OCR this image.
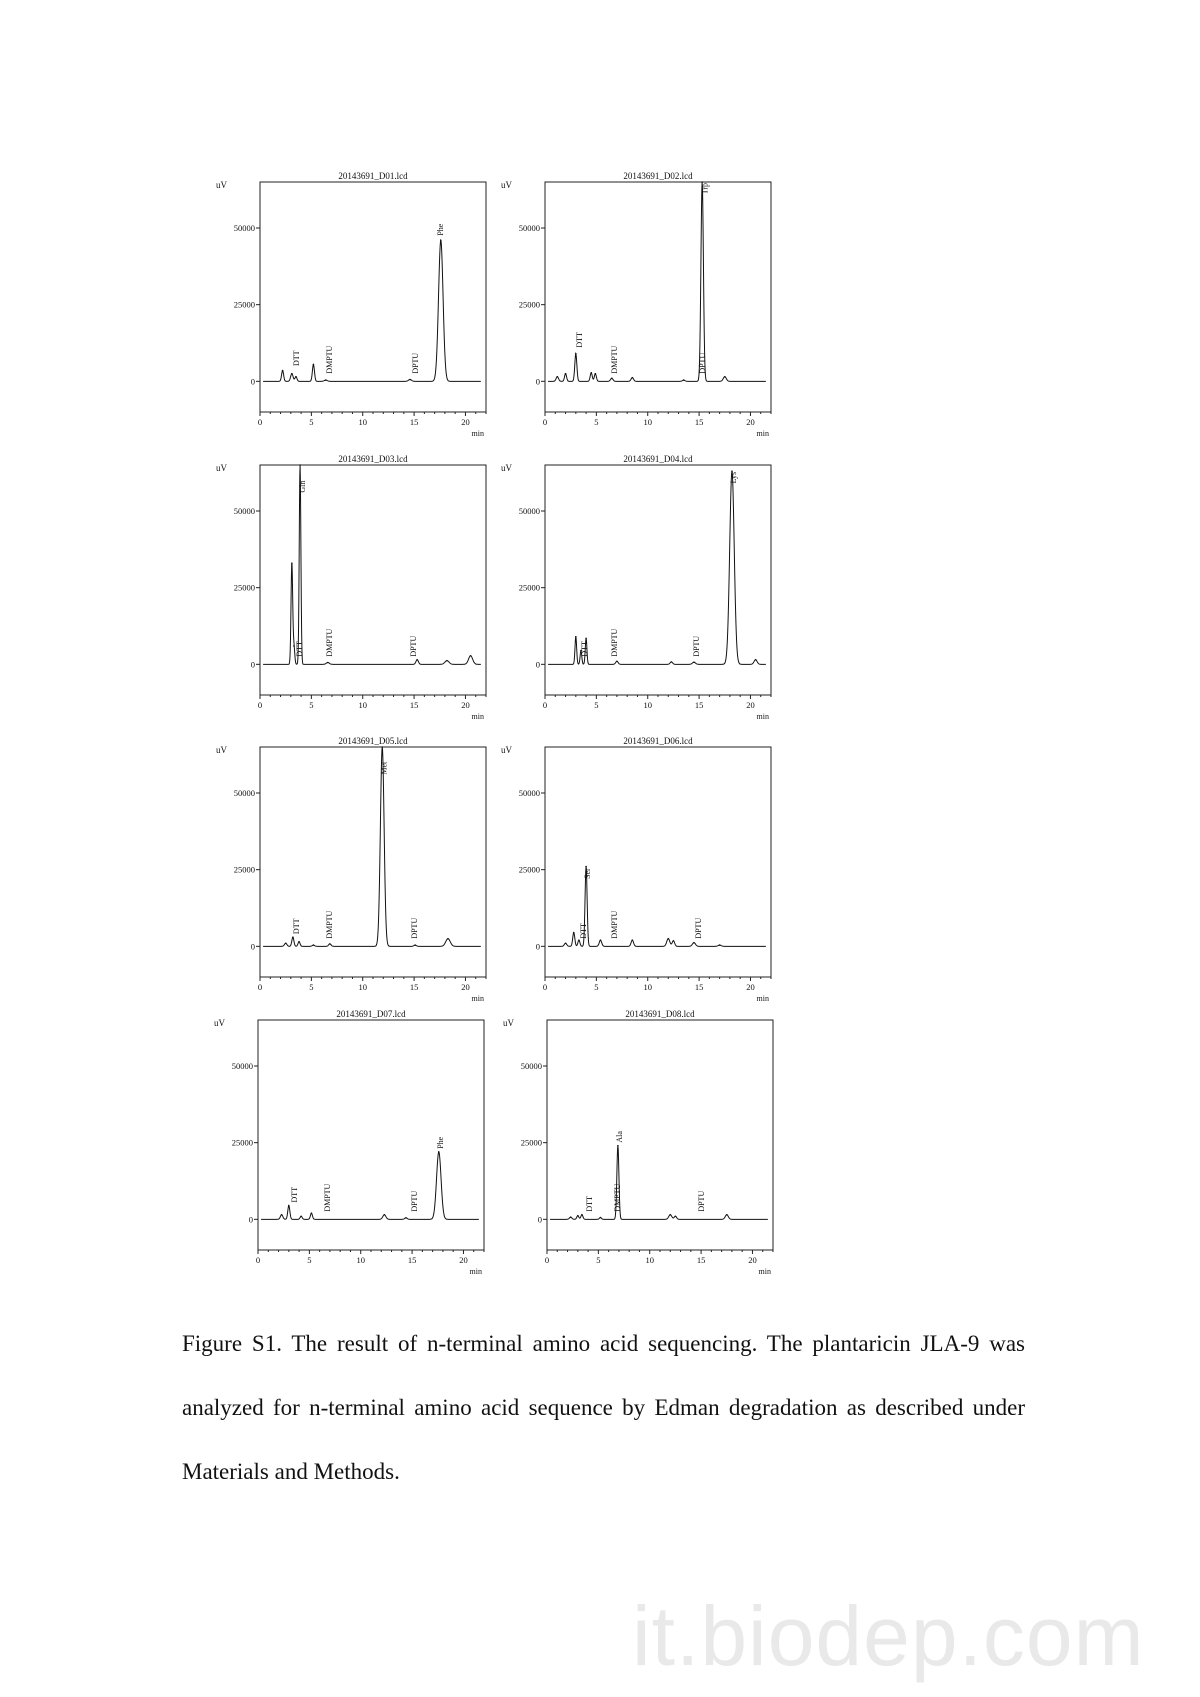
20143691_D01.lcd
uV
min
0
25000
50000
0	5	10	15	20
DTT	DMPTU	DPTU
Phe
20143691_D02.lcd
uV
min
0
25000
50000
0	5	10	15	20
DTT
DMPTU	DPTU
Trp
20143691_D03.lcd
uV
min
0
25000
50000
0	5	10	15	20
DTT	DMPTU	DPTU
Gln
20143691_D04.lcd
uV
min
0
25000
50000
0	5	10	15	20
DTT	DMPTU	DPTU
Lys
20143691_D05.lcd
uV
min
0
25000
50000
0	5	10	15	20
DTT	DMPTU	DPTU
Met
20143691_D06.lcd
uV
min
0
25000
50000
0	5	10	15	20
DTT	DMPTU	DPTU
Ser
20143691_D07.lcd
uV
min
0
25000
50000
0	5	10	15	20
DTT	DMPTU	DPTU
Phe
20143691_D08.lcd
uV
min
0
25000
50000
0	5	10	15	20
DTT DMPTU	DPTU
Ala
Figure S1. The result of n-terminal amino acid sequencing. The plantaricin JLA-9 was analyzed for n-terminal amino acid sequence by Edman degradation as described under Materials and Methods.
it.biodep.com
